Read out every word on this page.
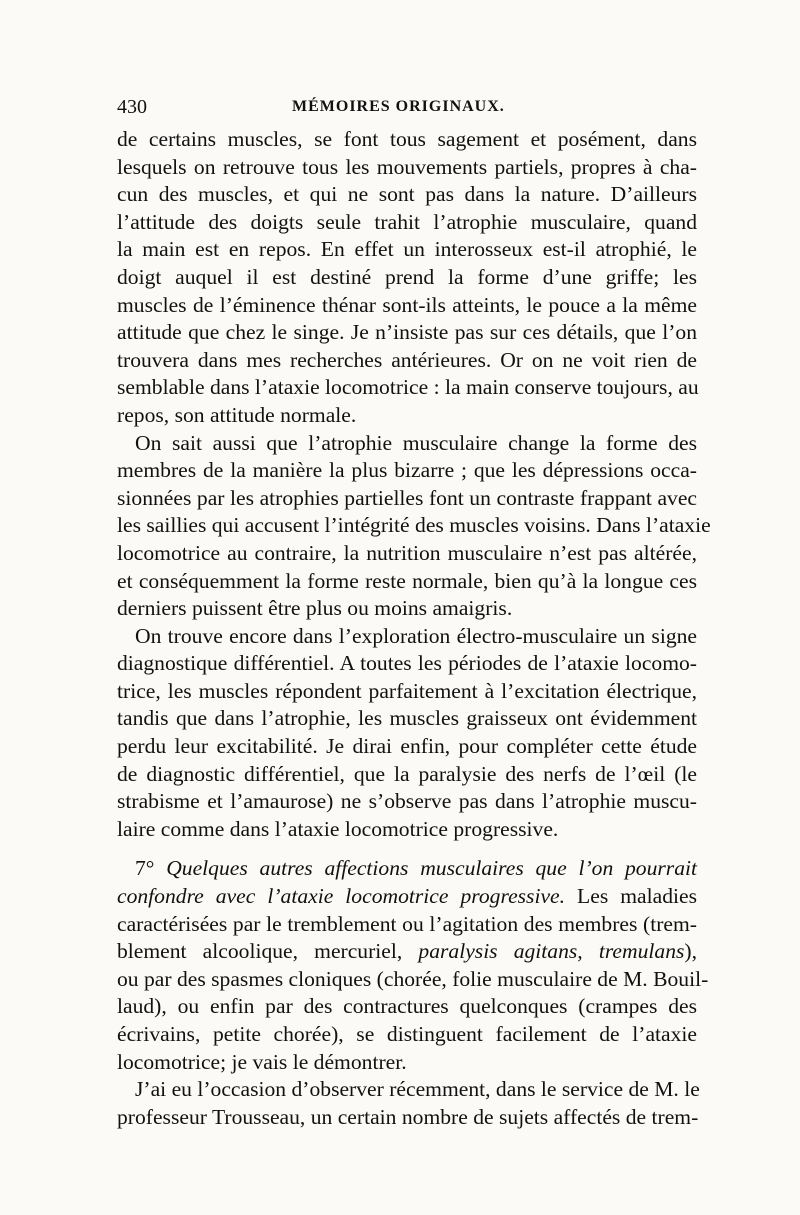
430	MÉMOIRES ORIGINAUX.
de certains muscles, se font tous sagement et posément, dans
lesquels on retrouve tous les mouvements partiels, propres à cha-
cun des muscles, et qui ne sont pas dans la nature. D’ailleurs
l’attitude des doigts seule trahit l’atrophie musculaire, quand
la main est en repos. En effet un interosseux est-il atrophié, le
doigt auquel il est destiné prend la forme d’une griffe; les
muscles de l’éminence thénar sont-ils atteints, le pouce a la même
attitude que chez le singe. Je n’insiste pas sur ces détails, que l’on
trouvera dans mes recherches antérieures. Or on ne voit rien de
semblable dans l’ataxie locomotrice : la main conserve toujours, au
repos, son attitude normale.
On sait aussi que l’atrophie musculaire change la forme des
membres de la manière la plus bizarre ; que les dépressions occa-
sionnées par les atrophies partielles font un contraste frappant avec
les saillies qui accusent l’intégrité des muscles voisins. Dans l’ataxie
locomotrice au contraire, la nutrition musculaire n’est pas altérée,
et conséquemment la forme reste normale, bien qu’à la longue ces
derniers puissent être plus ou moins amaigris.
On trouve encore dans l’exploration électro-musculaire un signe
diagnostique différentiel. A toutes les périodes de l’ataxie locomo-
trice, les muscles répondent parfaitement à l’excitation électrique,
tandis que dans l’atrophie, les muscles graisseux ont évidemment
perdu leur excitabilité. Je dirai enfin, pour compléter cette étude
de diagnostic différentiel, que la paralysie des nerfs de l’œil (le
strabisme et l’amaurose) ne s’observe pas dans l’atrophie muscu-
laire comme dans l’ataxie locomotrice progressive.
7° Quelques autres affections musculaires que l’on pourrait
confondre avec l’ataxie locomotrice progressive. Les maladies
caractérisées par le tremblement ou l’agitation des membres (trem-
blement alcoolique, mercuriel, paralysis agitans, tremulans),
ou par des spasmes cloniques (chorée, folie musculaire de M. Bouil-
laud), ou enfin par des contractures quelconques (crampes des
écrivains, petite chorée), se distinguent facilement de l’ataxie
locomotrice; je vais le démontrer.
J’ai eu l’occasion d’observer récemment, dans le service de M. le
professeur Trousseau, un certain nombre de sujets affectés de trem-
